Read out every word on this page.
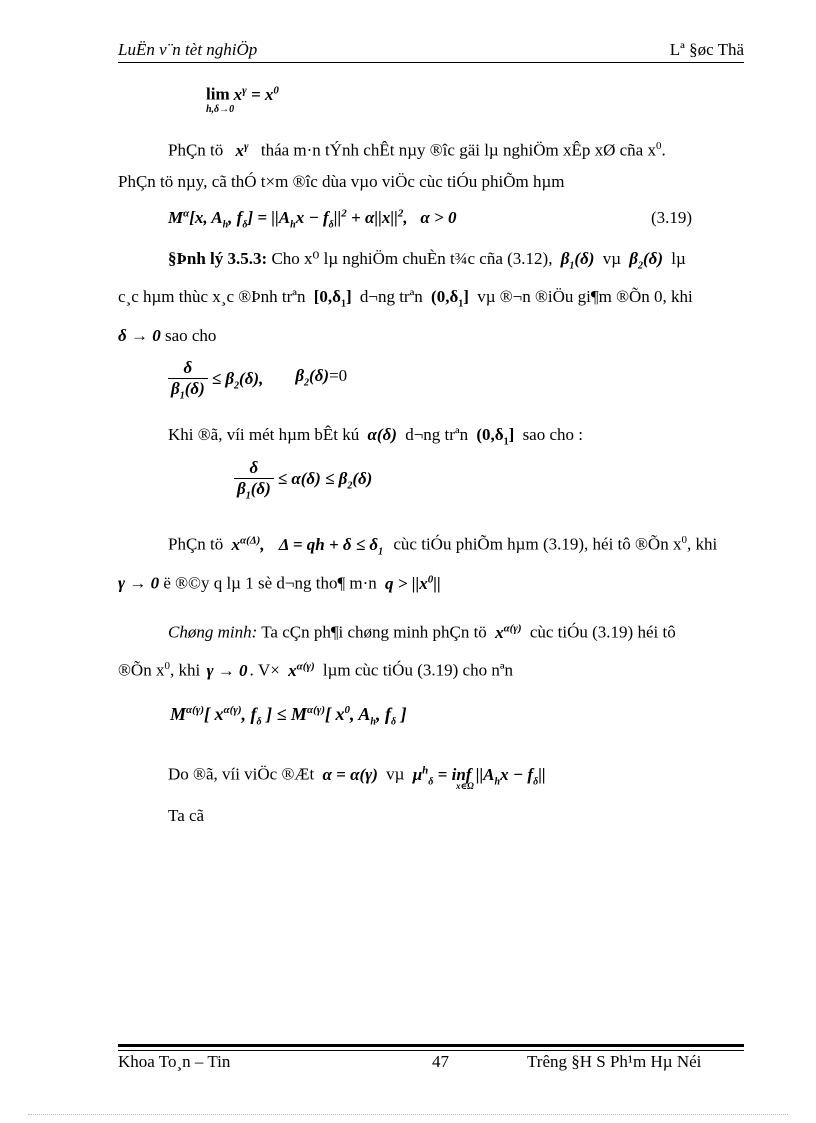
LuËn v¨n tèt nghiÖp	Lª §øc Thä
$\lim x^\gamma = x^0$
h,δ→0
PhÇn tö $x^\gamma$ tháa m·n tÝnh chÊt nµy ®îc gäi lµ nghiÖm xÊp xØ cña $x^0$.
PhÇn tö nµy, cã thÓ t×m ®îc dùa vµo viÖc cùc tiÓu phiÕm hµm
$M^\alpha[x$, $A_h$, $f_\delta] = ||A_hx - f_\delta||^2 + \alpha||x||^2$,   α > 0	(3.19)
§Þnh lý 3.5.3: Cho x⁰ lµ nghiÖm chuÈn t¾c cña (3.12), $\beta_1(\delta)$ vµ $\beta_2(\delta)$ lµ
c¸c hµm thùc x¸c ®Þnh trªn $[0,\delta_1]$ d¬ng trªn $(0,\delta_1]$ vµ ®¬n ®iÖu gi¶m ®Õn 0, khi
δ → 0 sao cho
$\frac{\delta}{\beta_1(\delta)} \le \beta_2(\delta)$, $\beta_2(\delta)=0$
Khi ®ã, víi mét hµm bÊt kú α(δ) d¬ng trªn $(0,\delta_1]$ sao cho :
$\frac{\delta}{\beta_1(\delta)} \le \alpha(\delta) \le \beta_2(\delta)$
PhÇn tö $x^{\alpha(\Delta)}$, Δ = qh + $\delta \le \delta_1$ cùc tiÓu phiÕm hµm (3.19), héi tô ®Õn $x^0$, khi
γ → 0 ë ®©y q lµ 1 sè d¬ng tho¶ m·n $q > ||x^0||$
Chøng minh: Ta cÇn ph¶i chøng minh phÇn tö $x^{\alpha(\gamma)}$ cùc tiÓu (3.19) héi tô
®Õn $x^0$, khi γ → 0 . $V\times x^{\alpha(\gamma)}$ lµm cùc tiÓu (3.19) cho nªn
$M^{\alpha(\gamma)}$[ $x^{\alpha(\gamma)}$, $f_\delta$ ] ≤ $M^{\alpha(\gamma)}$[ $x^0$, $A_h$, $f_\delta$ ]
Do ®ã, víi viÖc ®Æt α = α(γ) vµ $\mu^h_\delta$ = inf $||A_hx - f_\delta||$
x∈Ω
Ta cã
Khoa To¸n – Tin	47	Trêng §H S Ph¹m Hµ Néi
